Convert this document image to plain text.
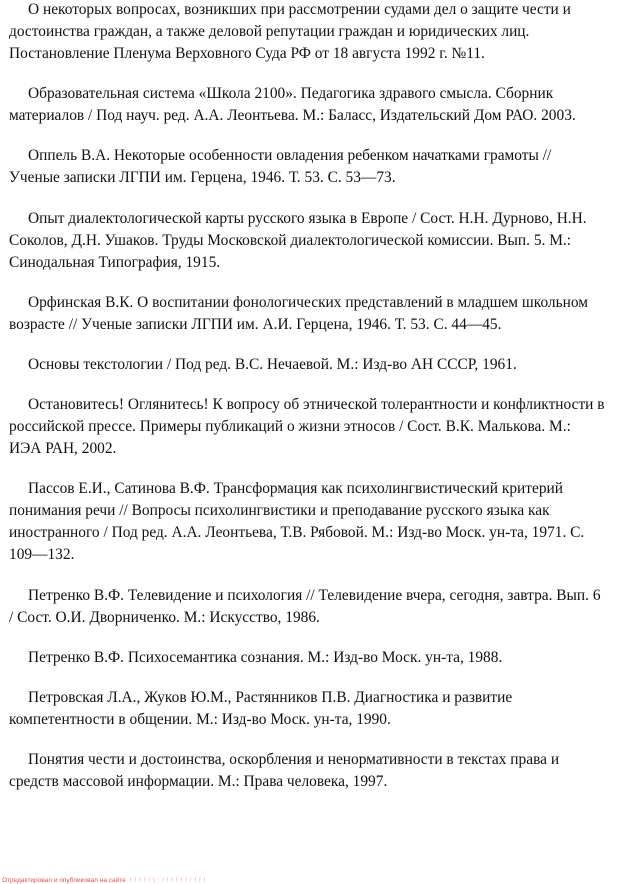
О некоторых вопросах, возникших при рассмотрении судами дел о защите чести и достоинства граждан, а также деловой репутации граждан и юридических лиц. Постановление Пленума Верховного Суда РФ от 18 августа 1992 г. №11.

Образовательная система «Школа 2100». Педагогика здравого смысла. Сборник материалов / Под науч. ред. А.А. Леонтьева. М.: Баласс, Издательский Дом РАО. 2003.

Оппель В.А. Некоторые особенности овладения ребенком начатками грамоты // Ученые записки ЛГПИ им. Герцена, 1946. Т. 53. С. 53—73.

Опыт диалектологической карты русского языка в Европе / Сост. Н.Н. Дурново, Н.Н. Соколов, Д.Н. Ушаков. Труды Московской диалектологической комиссии. Вып. 5. М.: Синодальная Типография, 1915.

Орфинская В.К. О воспитании фонологических представлений в младшем школьном возрасте // Ученые записки ЛГПИ им. А.И. Герцена, 1946. Т. 53. С. 44—45.

Основы текстологии / Под ред. В.С. Нечаевой. М.: Изд-во АН СССР, 1961.

Остановитесь! Оглянитесь! К вопросу об этнической толерантности и конфликтности в российской прессе. Примеры публикаций о жизни этносов / Сост. В.К. Малькова. М.: ИЭА РАН, 2002.

Пассов Е.И., Сатинова В.Ф. Трансформация как психолингвистический критерий понимания речи // Вопросы психолингвистики и преподавание русского языка как иностранного / Под ред. А.А. Леонтьева, Т.В. Рябовой. М.: Изд-во Моск. ун-та, 1971. С. 109—132.

Петренко В.Ф. Телевидение и психология // Телевидение вчера, сегодня, завтра. Вып. 6 / Сост. О.И. Дворниченко. М.: Искусство, 1986.

Петренко В.Ф. Психосемантика сознания. М.: Изд-во Моск. ун-та, 1988.

Петровская Л.А., Жуков Ю.М., Растянников П.В. Диагностика и развитие компетентности в общении. М.: Изд-во Моск. ун-та, 1990.

Понятия чести и достоинства, оскорбления и ненормативности в текстах права и средств массовой информации. М.: Права человека, 1997.

Отредактировал и опубликовал на сайте ! ! ! ! ! \ : ! ! ! ! ! ! ! ! ! !
